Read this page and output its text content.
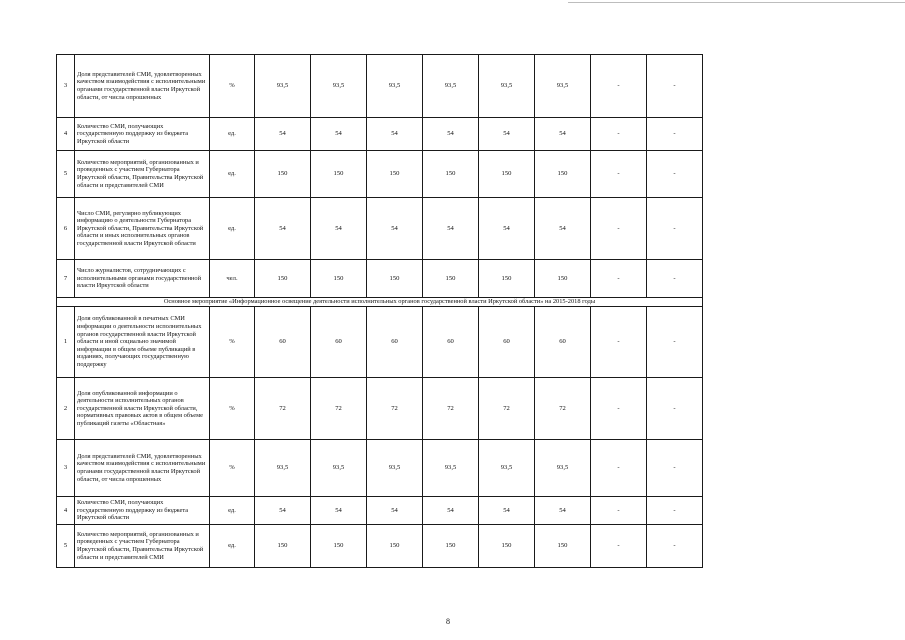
3	Доля представителей СМИ, удовлетворенных качеством взаимодействия с исполнительными органами государственной власти Иркутской области, от числа опрошенных	%	93,5	93,5	93,5	93,5	93,5	93,5	-	-
4	Количество СМИ, получающих государственную поддержку из бюджета Иркутской области	ед.	54	54	54	54	54	54	-	-
5	Количество мероприятий, организованных и проведенных с участием Губернатора Иркутской области, Правительства Иркутской области и представителей СМИ	ед.	150	150	150	150	150	150	-	-
6	Число СМИ, регулярно публикующих информацию о деятельности Губернатора Иркутской области, Правительства Иркутской области и иных исполнительных органов государственной власти Иркутской области	ед.	54	54	54	54	54	54	-	-
7	Число журналистов, сотрудничающих с исполнительными органами государственной власти Иркутской области	чел.	150	150	150	150	150	150	-	-
Основное мероприятие «Информационное освещение деятельности исполнительных органов государственной власти Иркутской области» на 2015-2018 годы										
1	Доля опубликованной в печатных СМИ информации о деятельности исполнительных органов государственной власти Иркутской области и иной социально значимой информации в общем объеме публикаций в изданиях, получающих государственную поддержку	%	60	60	60	60	60	60	-	-
2	Доля опубликованной информации о деятельности исполнительных органов государственной власти Иркутской области, нормативных правовых актов в общем объеме публикаций газеты «Областная»	%	72	72	72	72	72	72	-	-
3	Доля представителей СМИ, удовлетворенных качеством взаимодействия с исполнительными органами государственной власти Иркутской области, от числа опрошенных	%	93,5	93,5	93,5	93,5	93,5	93,5	-	-
4	Количество СМИ, получающих государственную поддержку из бюджета Иркутской области	ед.	54	54	54	54	54	54	-	-
5	Количество мероприятий, организованных и проведенных с участием Губернатора Иркутской области, Правительства Иркутской области и представителей СМИ	ед.	150	150	150	150	150	150	-	-
8
